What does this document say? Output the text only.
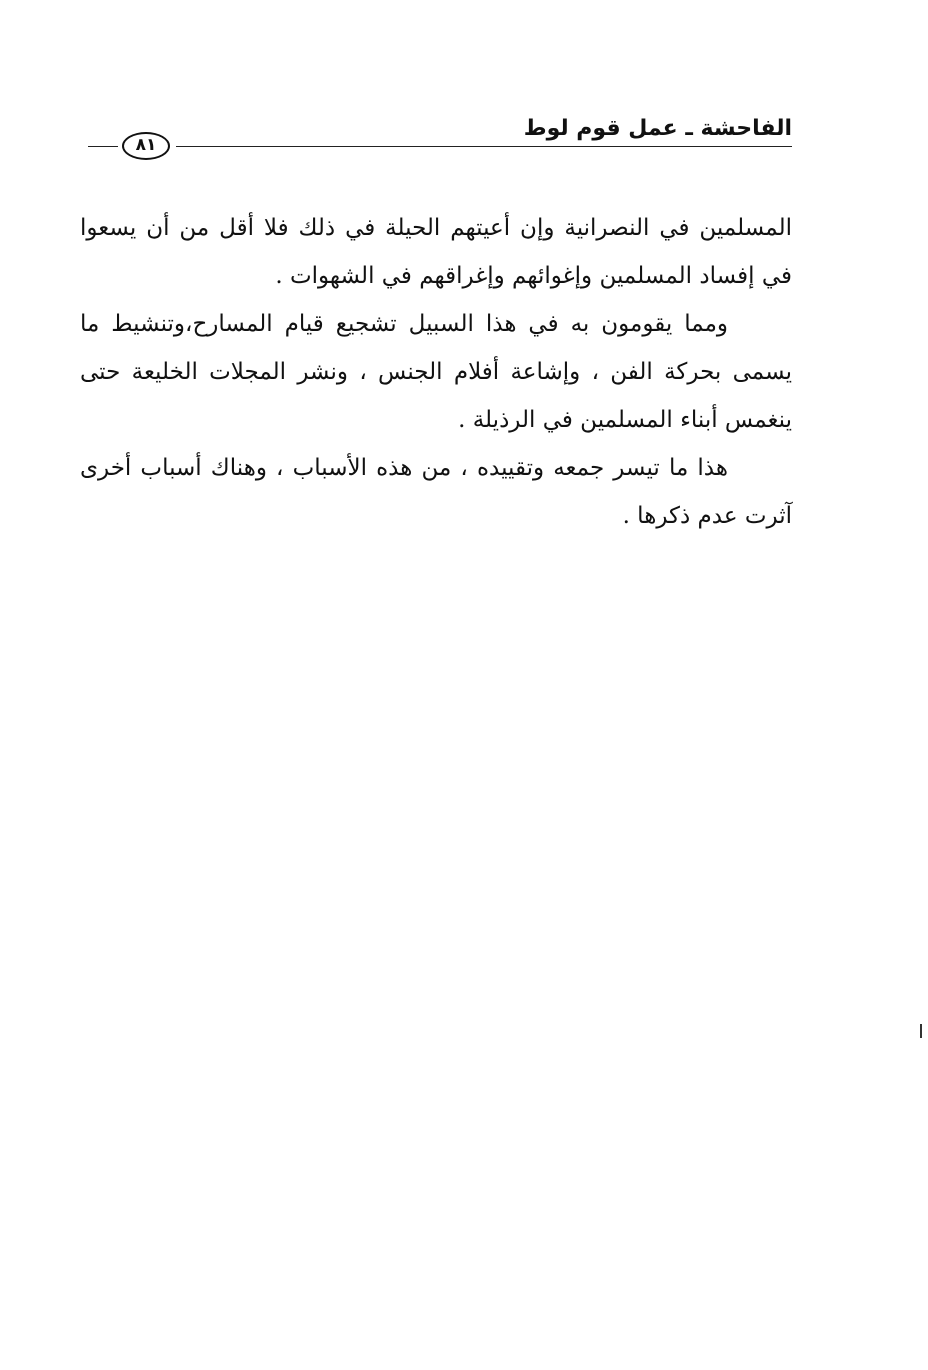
الفاحشة ـ عمل قوم لوط
٨١

المسلمين في النصرانية وإن أعيتهم الحيلة في ذلك فلا أقل من أن يسعوا في إفساد المسلمين وإغوائهم وإغراقهم في الشهوات .

ومما يقومون به في هذا السبيل تشجيع قيام المسارح،وتنشيط ما يسمى بحركة الفن ، وإشاعة أفلام الجنس ، ونشر المجلات الخليعة حتى ينغمس أبناء المسلمين في الرذيلة .

هذا ما تيسر جمعه وتقييده ، من هذه الأسباب ، وهناك أسباب أخرى آثرت عدم ذكرها .
